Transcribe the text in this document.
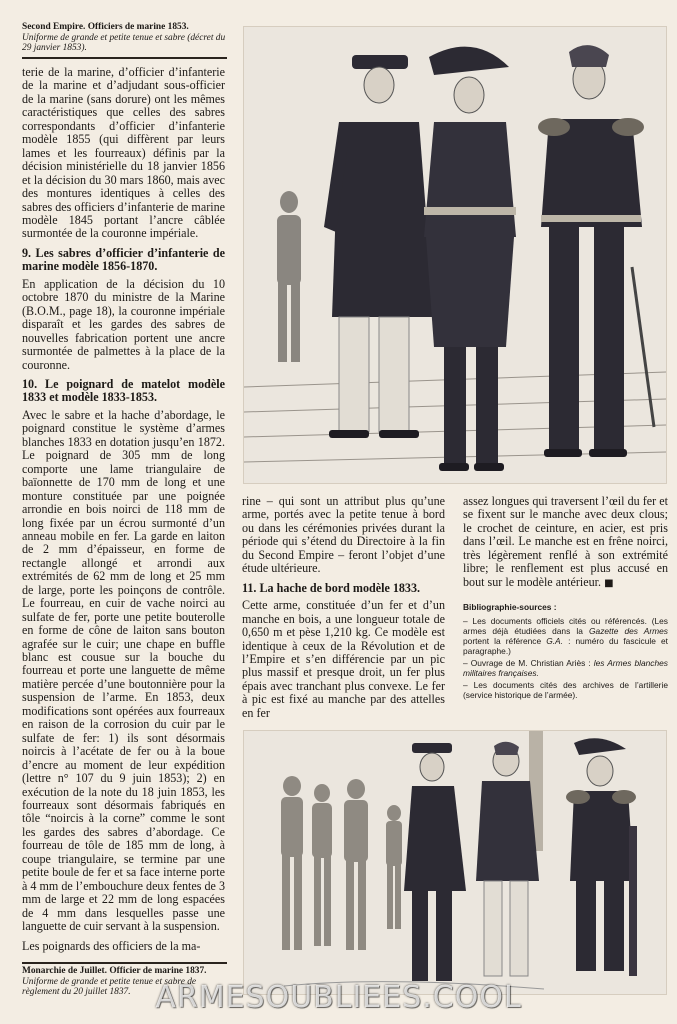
Second Empire. Officiers de marine 1853.
Uniforme de grande et petite tenue et sabre (décret du 29 janvier 1853).

terie de la marine, d’officier d’infanterie de la marine et d’adjudant sous-officier de la marine (sans dorure) ont les mêmes caractéristiques que celles des sabres correspondants d’officier d’infanterie modèle 1855 (qui diffèrent par leurs lames et les fourreaux) définis par la décision ministérielle du 18 janvier 1856 et la décision du 30 mars 1860, mais avec des montures identiques à celles des sabres des officiers d’infanterie de marine modèle 1845 portant l’ancre câblée surmontée de la couronne impériale.

9. Les sabres d’officier d’infanterie de marine modèle 1856-1870.

En application de la décision du 10 octobre 1870 du ministre de la Marine (B.O.M., page 18), la couronne impériale disparaît et les gardes des sabres de nouvelles fabrication portent une ancre surmontée de palmettes à la place de la couronne.

10. Le poignard de matelot modèle 1833 et modèle 1833-1853.

Avec le sabre et la hache d’abordage, le poignard constitue le système d’armes blanches 1833 en dotation jusqu’en 1872. Le poignard de 305 mm de long comporte une lame triangulaire de baïonnette de 170 mm de long et une monture constituée par une poignée arrondie en bois noirci de 118 mm de long fixée par un écrou surmonté d’un anneau mobile en fer. La garde en laiton de 2 mm d’épaisseur, en forme de rectangle allongé et arrondi aux extrémités de 62 mm de long et 25 mm de large, porte les poinçons de contrôle. Le fourreau, en cuir de vache noirci au sulfate de fer, porte une petite bouterolle en forme de cône de laiton sans bouton agrafée sur le cuir; une chape en buffle blanc est cousue sur la bouche du fourreau et porte une languette de même matière percée d’une boutonnière pour la suspension de l’arme. En 1853, deux modifications sont opérées aux fourreaux en raison de la corrosion du cuir par le sulfate de fer: 1) ils sont désormais noircis à l’acétate de fer ou à la boue d’encre au moment de leur expédition (lettre n° 107 du 9 juin 1853); 2) en exécution de la note du 18 juin 1853, les fourreaux sont désormais fabriqués en tôle “noircis à la corne” comme le sont les gardes des sabres d’abordage. Ce fourreau de tôle de 185 mm de long, à coupe triangulaire, se termine par une petite boule de fer et sa face interne porte à 4 mm de l’embouchure deux fentes de 3 mm de large et 22 mm de long espacées de 4 mm dans lesquelles passe une languette de cuir servant à la suspension.

Les poignards des officiers de la ma-

rine – qui sont un attribut plus qu’une arme, portés avec la petite tenue à bord ou dans les cérémonies privées durant la période qui s’étend du Directoire à la fin du Second Empire – feront l’objet d’une étude ultérieure.

11. La hache de bord modèle 1833.

Cette arme, constituée d’un fer et d’un manche en bois, a une longueur totale de 0,650 m et pèse 1,210 kg. Ce modèle est identique à ceux de la Révolution et de l’Empire et s’en différencie par un pic plus massif et presque droit, un fer plus épais avec tranchant plus convexe. Le fer à pic est fixé au manche par des attelles en fer

assez longues qui traversent l’œil du fer et se fixent sur le manche avec deux clous; le crochet de ceinture, en acier, est pris dans l’œil. Le manche est en frêne noirci, très légèrement renflé à son extrémité libre; le renflement est plus accusé en bout sur le modèle antérieur. ■

Bibliographie-sources :
– Les documents officiels cités ou référencés. (Les armes déjà étudiées dans la Gazette des Armes portent la référence G.A. : numéro du fascicule et paragraphe.)
– Ouvrage de M. Christian Ariès : les Armes blanches militaires françaises.
– Les documents cités des archives de l’artillerie (service historique de l’armée).
Monarchie de Juillet. Officier de marine 1837.
Uniforme de grande et petite tenue et sabre de règlement du 20 juillet 1837. ARMESOUBLIEES.COOL
